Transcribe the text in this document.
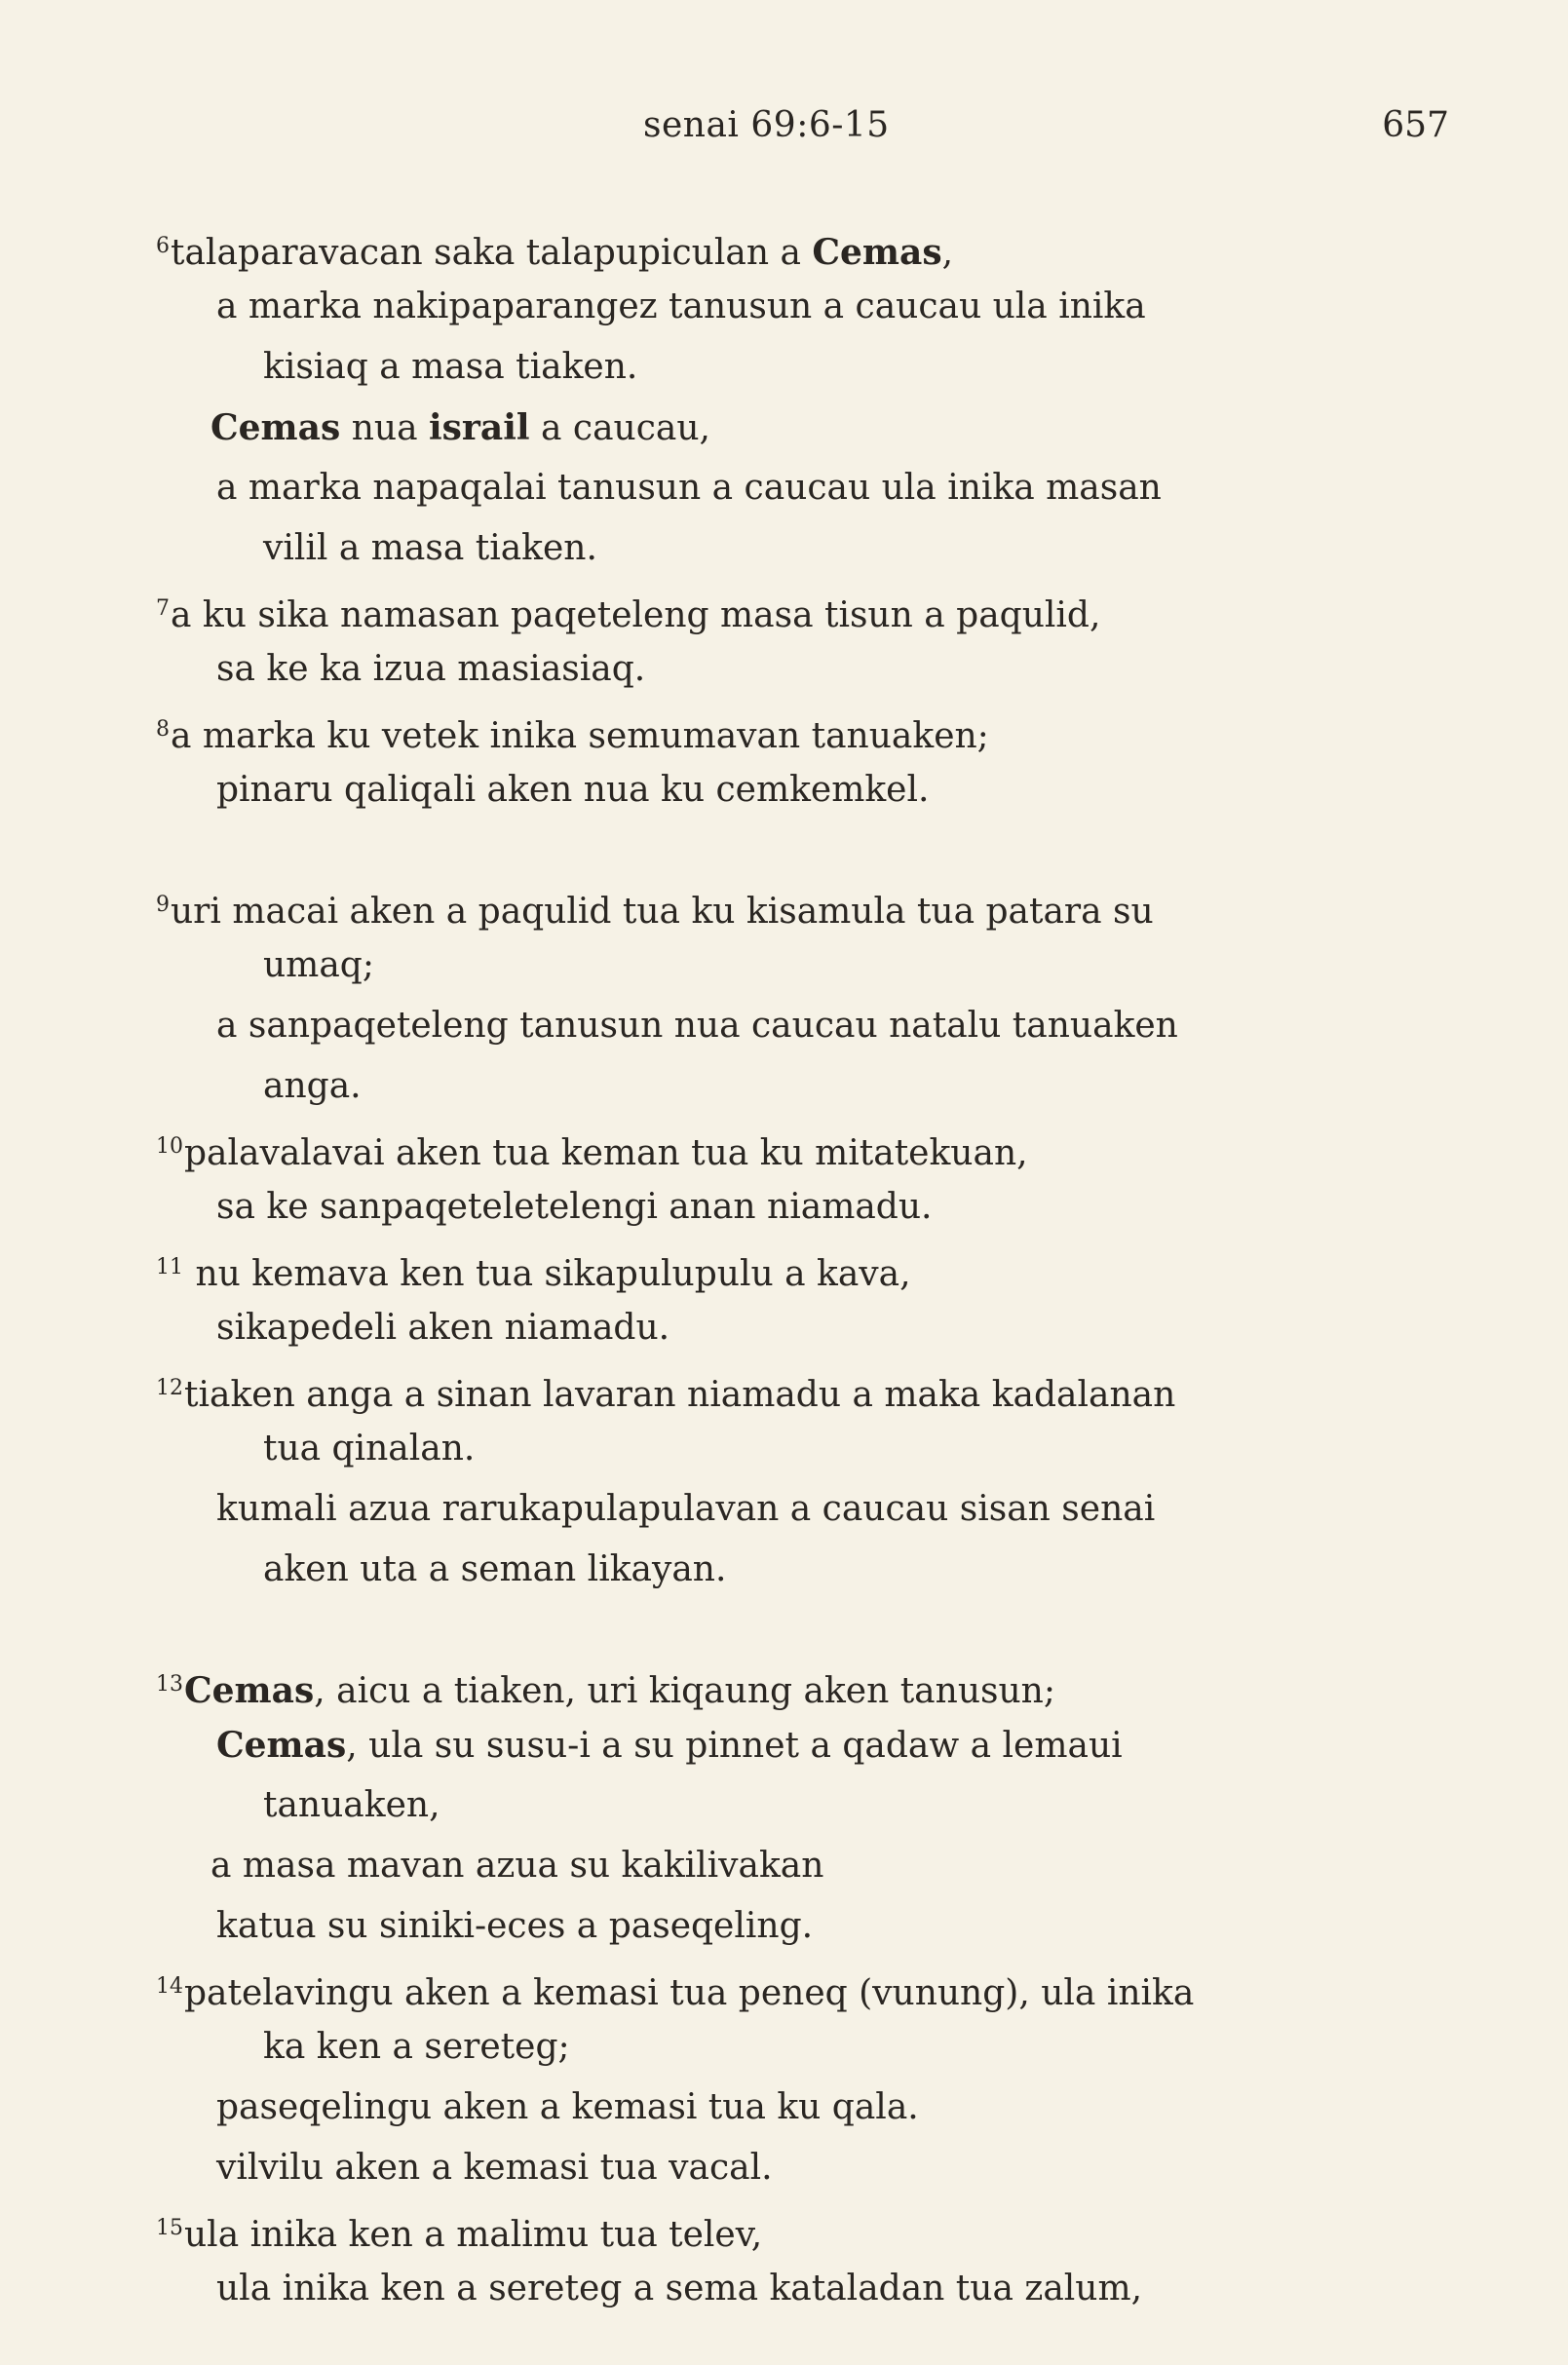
senai 69:6-15	657
$^6$talaparavacan saka talapupiculan a Cemas,
a marka nakipaparangez tanusun a caucau ula inika
kisiaq a masa tiaken.
Cemas nua israil a caucau,
a marka napaqalai tanusun a caucau ula inika masan
vilil a masa tiaken.
$^7$a ku sika namasan paqeteleng masa tisun a paqulid,
sa ke ka izua masiasiaq.
$^8$a marka ku vetek inika semumavan tanuaken;
pinaru qaliqali aken nua ku cemkemkel.
$^9$uri macai aken a paqulid tua ku kisamula tua patara su
umaq;
a sanpaqeteleng tanusun nua caucau natalu tanuaken
anga.
$^{10}$palavalavai aken tua keman tua ku mitatekuan,
sa ke sanpaqeteletelengi anan niamadu.
$^{11}$ nu kemava ken tua sikapulupulu a kava,
sikapedeli aken niamadu.
$^{12}$tiaken anga a sinan lavaran niamadu a maka kadalanan
tua qinalan.
kumali azua rarukapulapulavan a caucau sisan senai
aken uta a seman likayan.
$^{13}$Cemas, aicu a tiaken, uri kiqaung aken tanusun;
Cemas, ula su susu-i a su pinnet a qadaw a lemaui
tanuaken,
a masa mavan azua su kakilivakan
katua su siniki-eces a paseqeling.
$^{14}$patelavingu aken a kemasi tua peneq (vunung), ula inika
ka ken a sereteg;
paseqelingu aken a kemasi tua ku qala.
vilvilu aken a kemasi tua vacal.
$^{15}$ula inika ken a malimu tua telev,
ula inika ken a sereteg a sema kataladan tua zalum,
